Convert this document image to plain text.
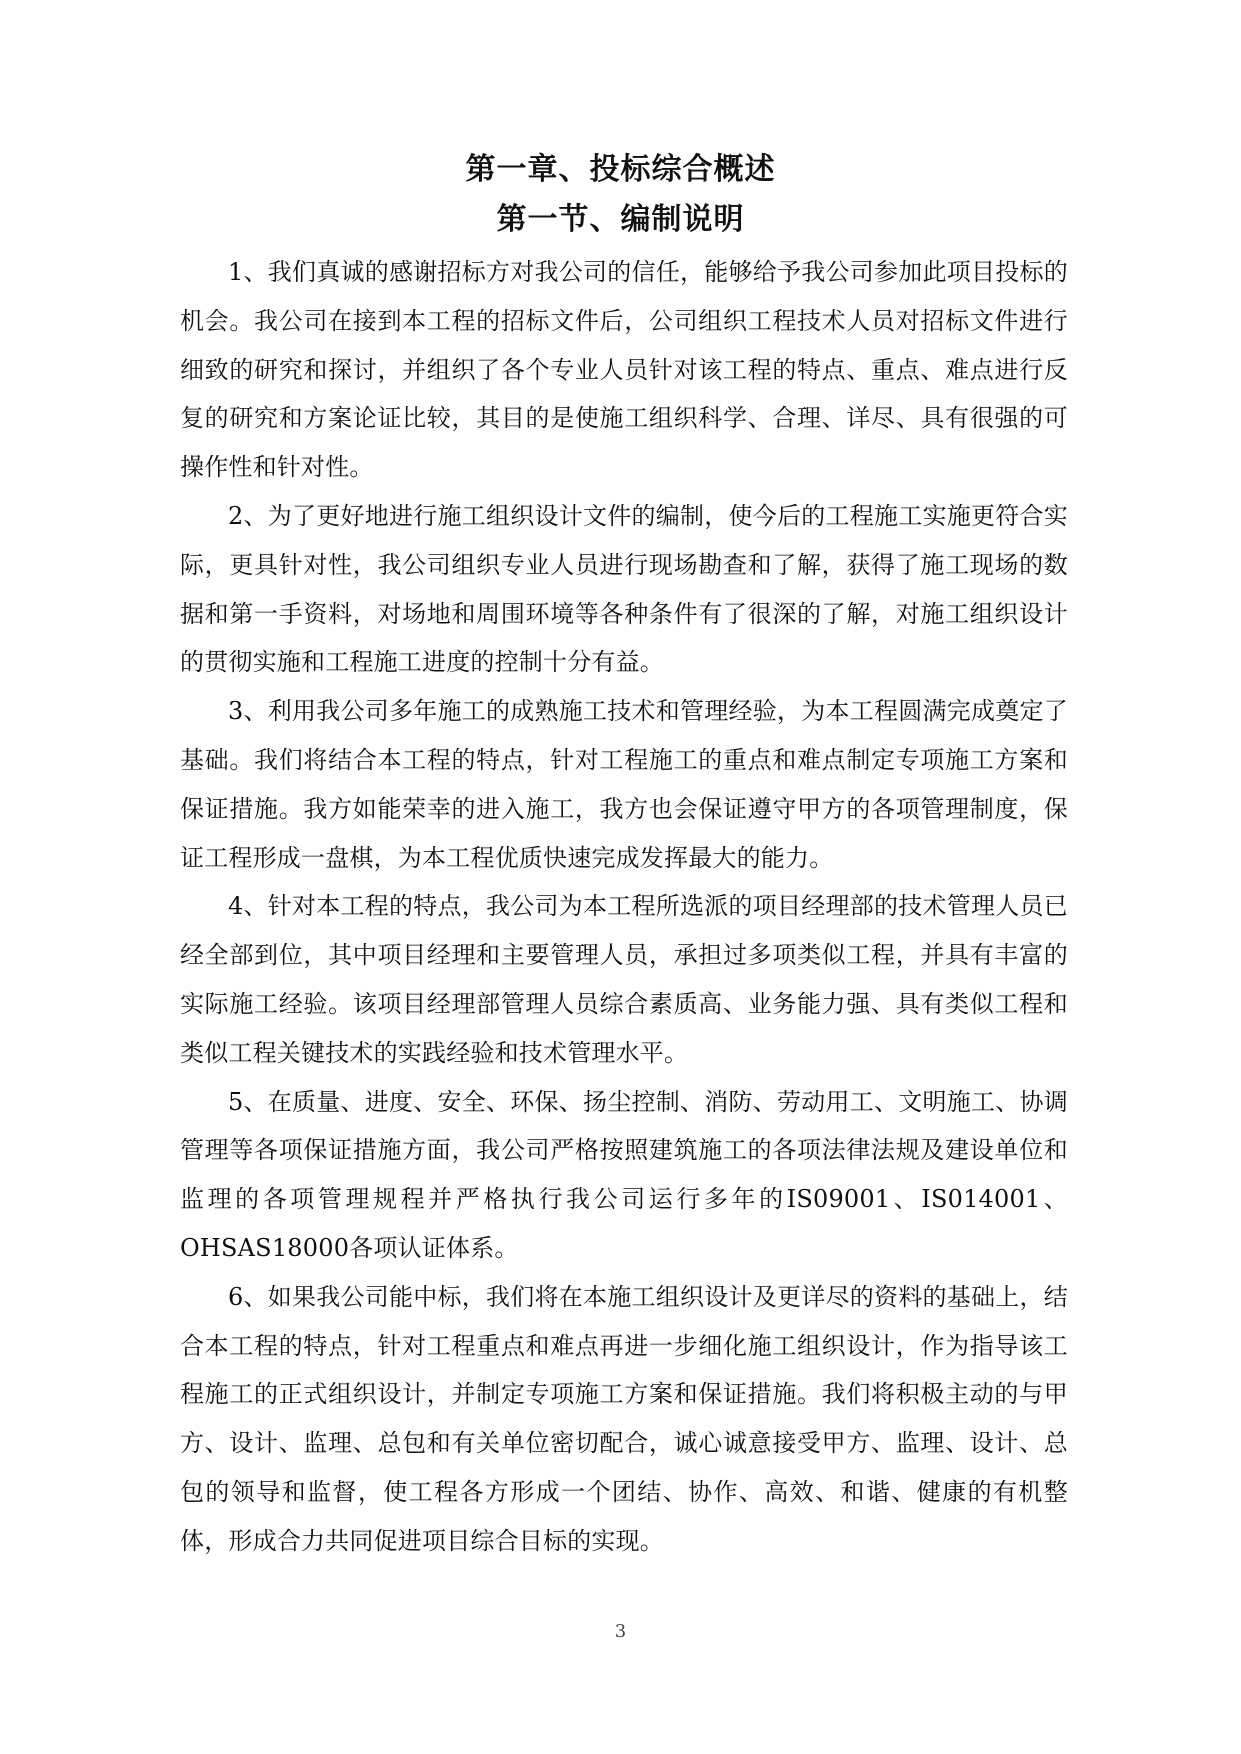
第一章、投标综合概述
第一节、编制说明

1、我们真诚的感谢招标方对我公司的信任，能够给予我公司参加此项目投标的机会。我公司在接到本工程的招标文件后，公司组织工程技术人员对招标文件进行细致的研究和探讨，并组织了各个专业人员针对该工程的特点、重点、难点进行反复的研究和方案论证比较，其目的是使施工组织科学、合理、详尽、具有很强的可操作性和针对性。

2、为了更好地进行施工组织设计文件的编制，使今后的工程施工实施更符合实际，更具针对性，我公司组织专业人员进行现场勘查和了解，获得了施工现场的数据和第一手资料，对场地和周围环境等各种条件有了很深的了解，对施工组织设计的贯彻实施和工程施工进度的控制十分有益。

3、利用我公司多年施工的成熟施工技术和管理经验，为本工程圆满完成奠定了基础。我们将结合本工程的特点，针对工程施工的重点和难点制定专项施工方案和保证措施。我方如能荣幸的进入施工，我方也会保证遵守甲方的各项管理制度，保证工程形成一盘棋，为本工程优质快速完成发挥最大的能力。

4、针对本工程的特点，我公司为本工程所选派的项目经理部的技术管理人员已经全部到位，其中项目经理和主要管理人员，承担过多项类似工程，并具有丰富的实际施工经验。该项目经理部管理人员综合素质高、业务能力强、具有类似工程和类似工程关键技术的实践经验和技术管理水平。

5、在质量、进度、安全、环保、扬尘控制、消防、劳动用工、文明施工、协调管理等各项保证措施方面，我公司严格按照建筑施工的各项法律法规及建设单位和监理的各项管理规程并严格执行我公司运行多年的IS09001、IS014001、OHSAS18000各项认证体系。

6、如果我公司能中标，我们将在本施工组织设计及更详尽的资料的基础上，结合本工程的特点，针对工程重点和难点再进一步细化施工组织设计，作为指导该工程施工的正式组织设计，并制定专项施工方案和保证措施。我们将积极主动的与甲方、设计、监理、总包和有关单位密切配合，诚心诚意接受甲方、监理、设计、总包的领导和监督，使工程各方形成一个团结、协作、高效、和谐、健康的有机整体，形成合力共同促进项目综合目标的实现。

3
